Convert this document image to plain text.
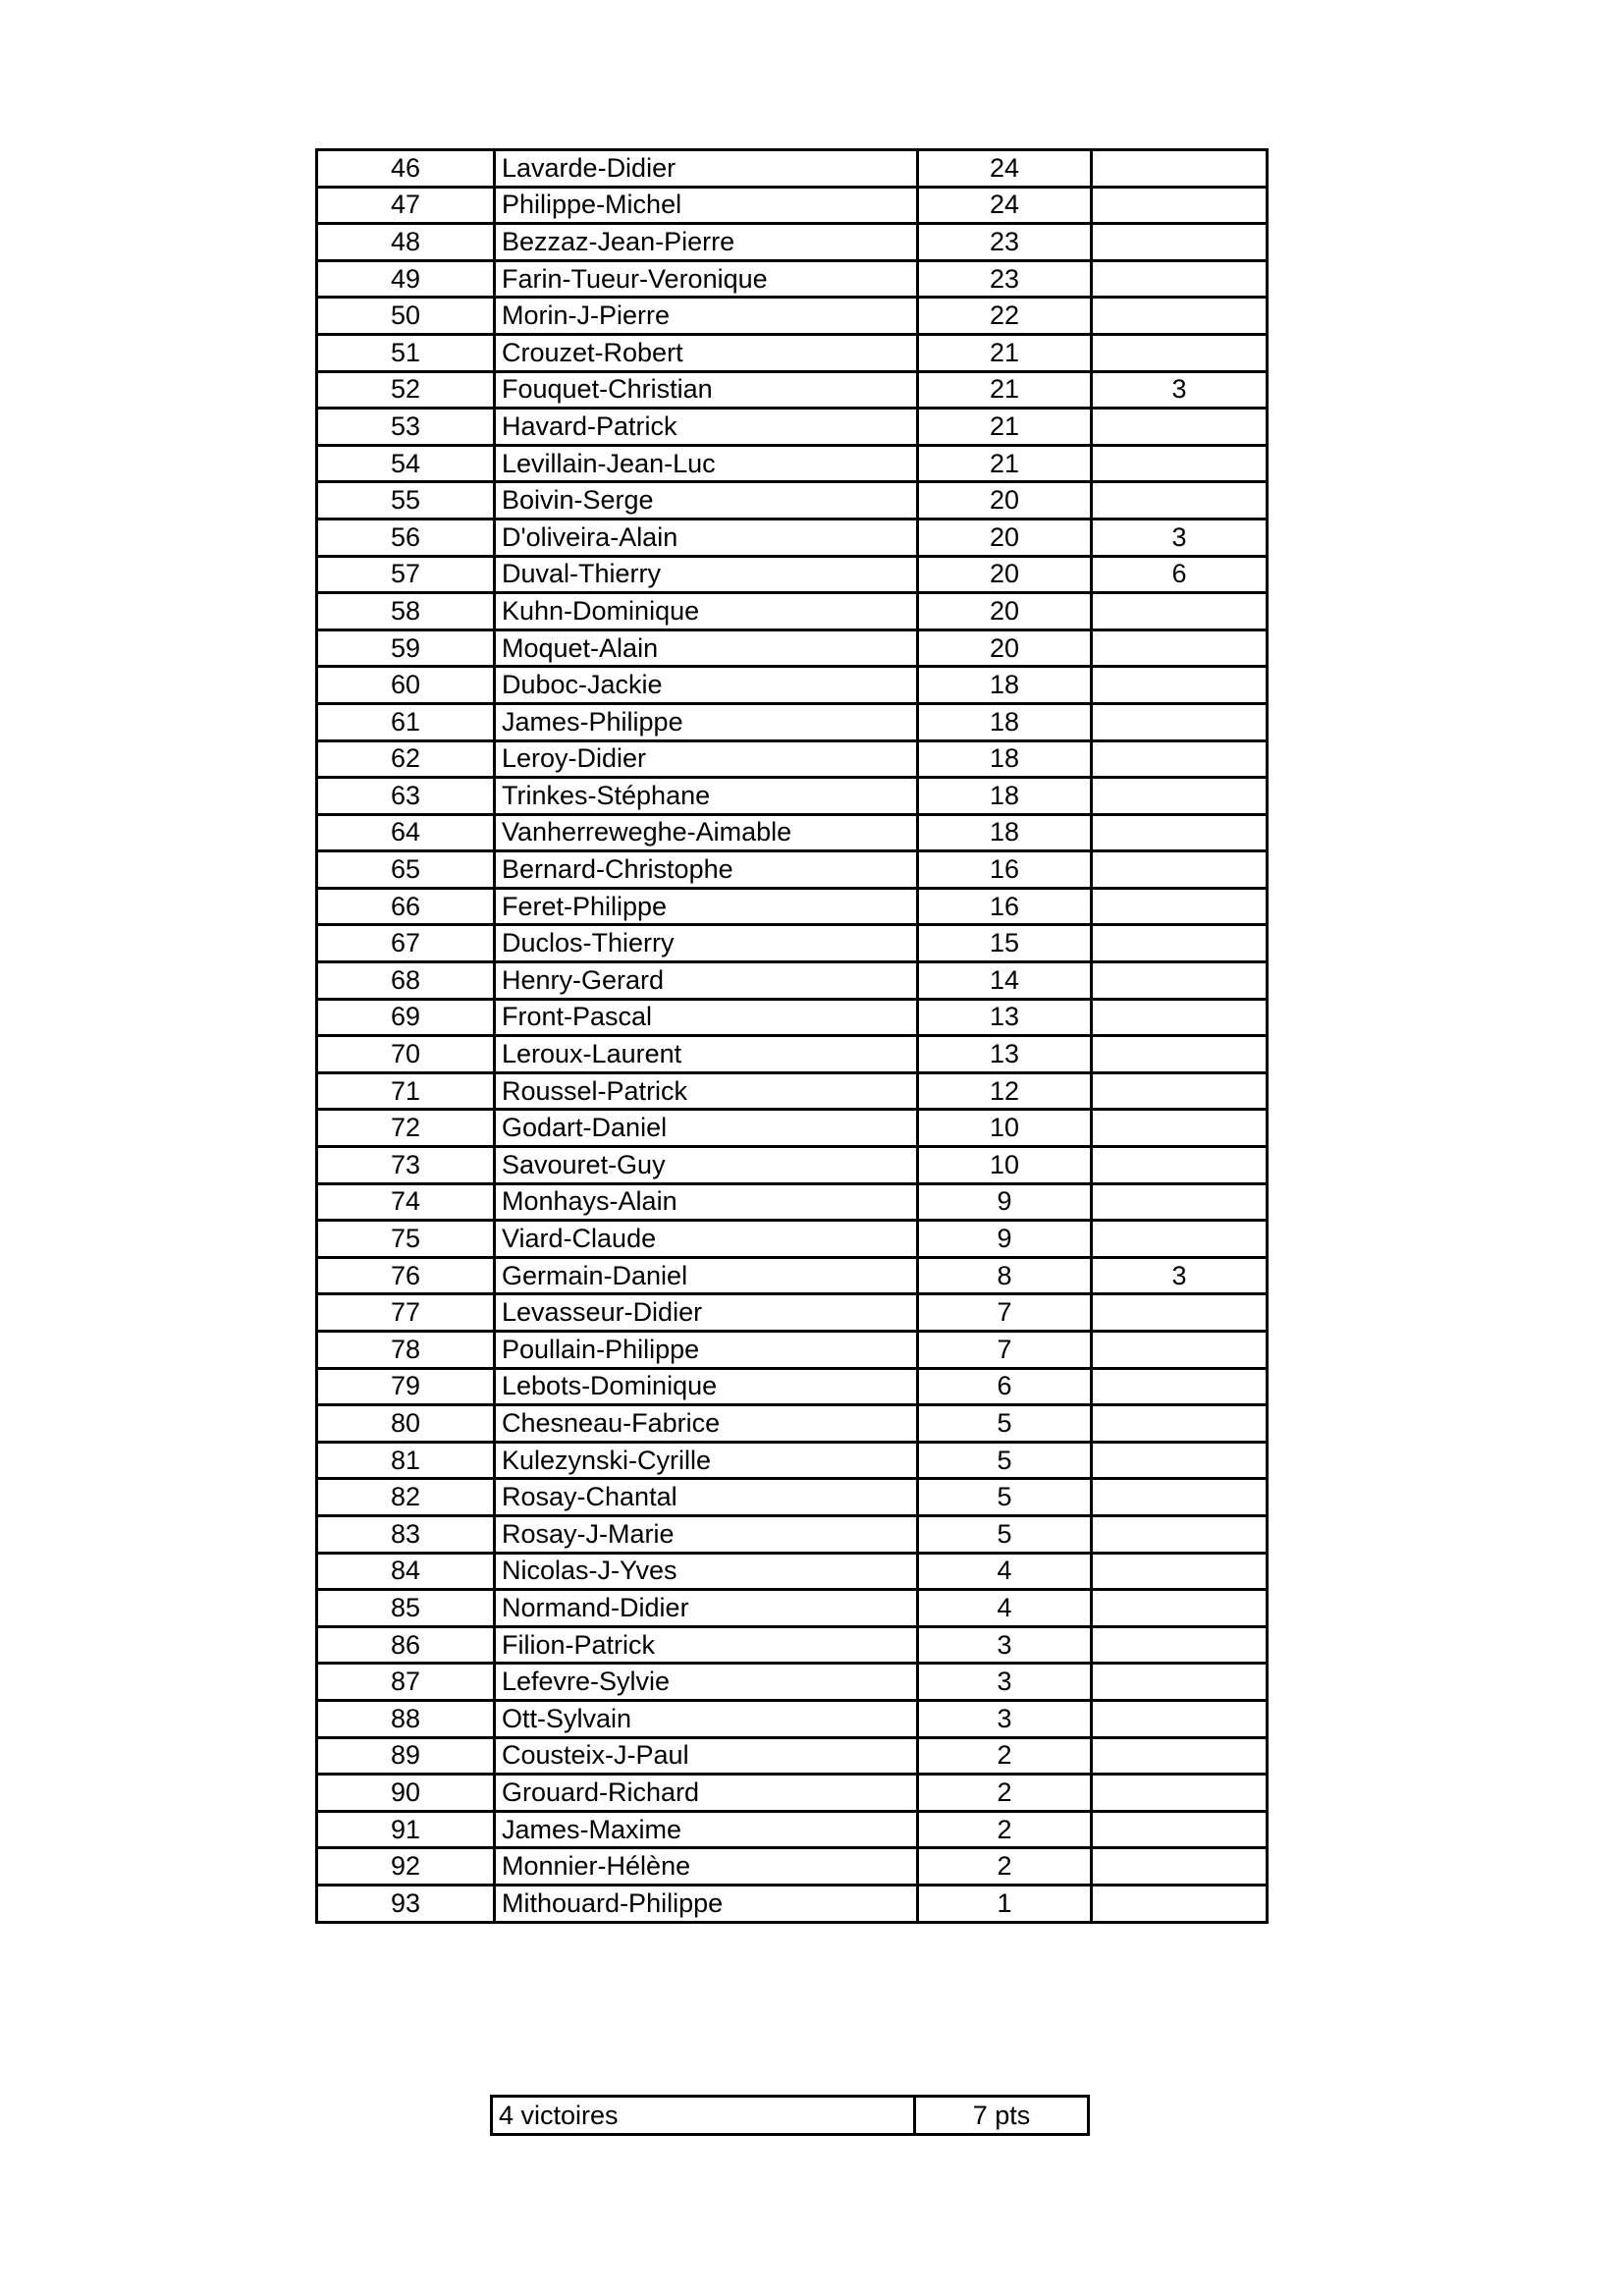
46	Lavarde-Didier	24	
47	Philippe-Michel	24	
48	Bezzaz-Jean-Pierre	23	
49	Farin-Tueur-Veronique	23	
50	Morin-J-Pierre	22	
51	Crouzet-Robert	21	
52	Fouquet-Christian	21	3
53	Havard-Patrick	21	
54	Levillain-Jean-Luc	21	
55	Boivin-Serge	20	
56	D'oliveira-Alain	20	3
57	Duval-Thierry	20	6
58	Kuhn-Dominique	20	
59	Moquet-Alain	20	
60	Duboc-Jackie	18	
61	James-Philippe	18	
62	Leroy-Didier	18	
63	Trinkes-Stéphane	18	
64	Vanherreweghe-Aimable	18	
65	Bernard-Christophe	16	
66	Feret-Philippe	16	
67	Duclos-Thierry	15	
68	Henry-Gerard	14	
69	Front-Pascal	13	
70	Leroux-Laurent	13	
71	Roussel-Patrick	12	
72	Godart-Daniel	10	
73	Savouret-Guy	10	
74	Monhays-Alain	9	
75	Viard-Claude	9	
76	Germain-Daniel	8	3
77	Levasseur-Didier	7	
78	Poullain-Philippe	7	
79	Lebots-Dominique	6	
80	Chesneau-Fabrice	5	
81	Kulezynski-Cyrille	5	
82	Rosay-Chantal	5	
83	Rosay-J-Marie	5	
84	Nicolas-J-Yves	4	
85	Normand-Didier	4	
86	Filion-Patrick	3	
87	Lefevre-Sylvie	3	
88	Ott-Sylvain	3	
89	Cousteix-J-Paul	2	
90	Grouard-Richard	2	
91	James-Maxime	2	
92	Monnier-Hélène	2	
93	Mithouard-Philippe	1	
4 victoires	7 pts
